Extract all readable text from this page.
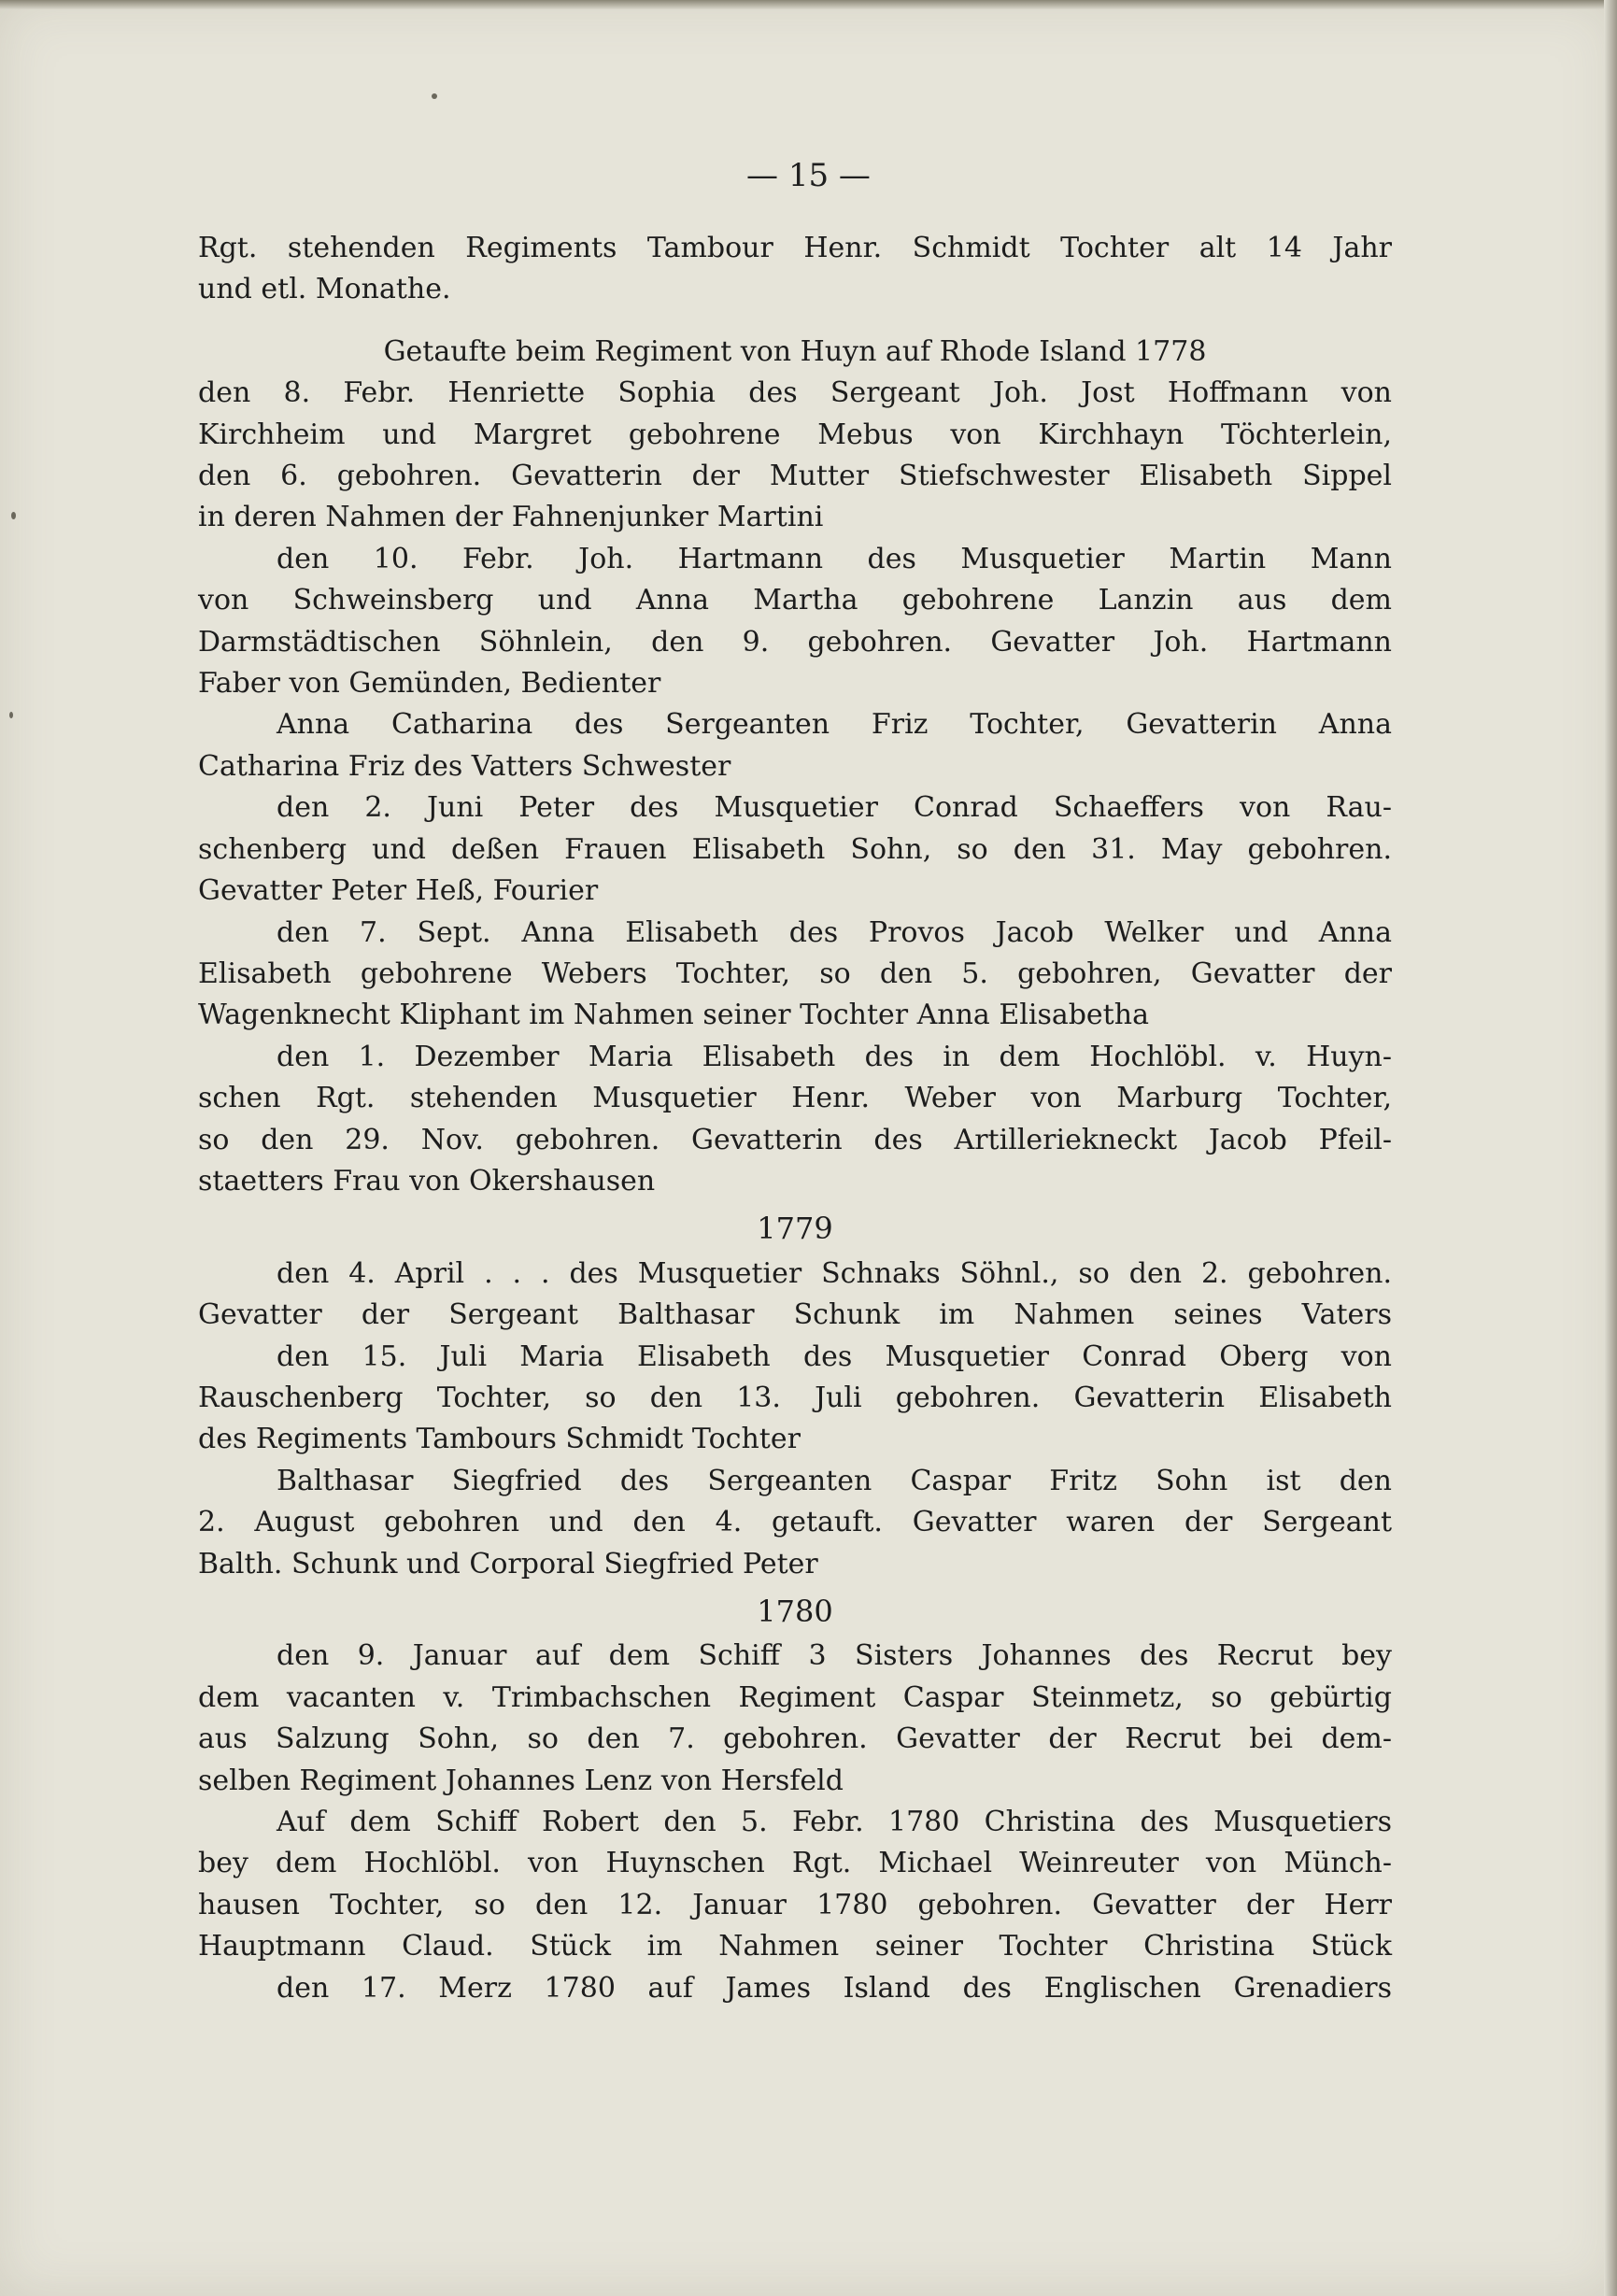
— 15 —
Rgt. stehenden Regiments Tambour Henr. Schmidt Tochter alt 14 Jahr
und etl. Monathe.
Getaufte beim Regiment von Huyn auf Rhode Island 1778
den 8. Febr. Henriette Sophia des Sergeant Joh. Jost Hoffmann von
Kirchheim und Margret gebohrene Mebus von Kirchhayn Töchterlein,
den 6. gebohren. Gevatterin der Mutter Stiefschwester Elisabeth Sippel
in deren Nahmen der Fahnenjunker Martini
den 10. Febr. Joh. Hartmann des Musquetier Martin Mann
von Schweinsberg und Anna Martha gebohrene Lanzin aus dem
Darmstädtischen Söhnlein, den 9. gebohren. Gevatter Joh. Hartmann
Faber von Gemünden, Bedienter
Anna Catharina des Sergeanten Friz Tochter, Gevatterin Anna
Catharina Friz des Vatters Schwester
den 2. Juni Peter des Musquetier Conrad Schaeffers von Rau-
schenberg und deßen Frauen Elisabeth Sohn, so den 31. May gebohren.
Gevatter Peter Heß, Fourier
den 7. Sept. Anna Elisabeth des Provos Jacob Welker und Anna
Elisabeth gebohrene Webers Tochter, so den 5. gebohren, Gevatter der
Wagenknecht Kliphant im Nahmen seiner Tochter Anna Elisabetha
den 1. Dezember Maria Elisabeth des in dem Hochlöbl. v. Huyn-
schen Rgt. stehenden Musquetier Henr. Weber von Marburg Tochter,
so den 29. Nov. gebohren. Gevatterin des Artilleriekneckt Jacob Pfeil-
staetters Frau von Okershausen
1779
den 4. April . . . des Musquetier Schnaks Söhnl., so den 2. gebohren.
Gevatter der Sergeant Balthasar Schunk im Nahmen seines Vaters
den 15. Juli Maria Elisabeth des Musquetier Conrad Oberg von
Rauschenberg Tochter, so den 13. Juli gebohren. Gevatterin Elisabeth
des Regiments Tambours Schmidt Tochter
Balthasar Siegfried des Sergeanten Caspar Fritz Sohn ist den
2. August gebohren und den 4. getauft. Gevatter waren der Sergeant
Balth. Schunk und Corporal Siegfried Peter
1780
den 9. Januar auf dem Schiff 3 Sisters Johannes des Recrut bey
dem vacanten v. Trimbachschen Regiment Caspar Steinmetz, so gebürtig
aus Salzung Sohn, so den 7. gebohren. Gevatter der Recrut bei dem-
selben Regiment Johannes Lenz von Hersfeld
Auf dem Schiff Robert den 5. Febr. 1780 Christina des Musquetiers
bey dem Hochlöbl. von Huynschen Rgt. Michael Weinreuter von Münch-
hausen Tochter, so den 12. Januar 1780 gebohren. Gevatter der Herr
Hauptmann Claud. Stück im Nahmen seiner Tochter Christina Stück
den 17. Merz 1780 auf James Island des Englischen Grenadiers
